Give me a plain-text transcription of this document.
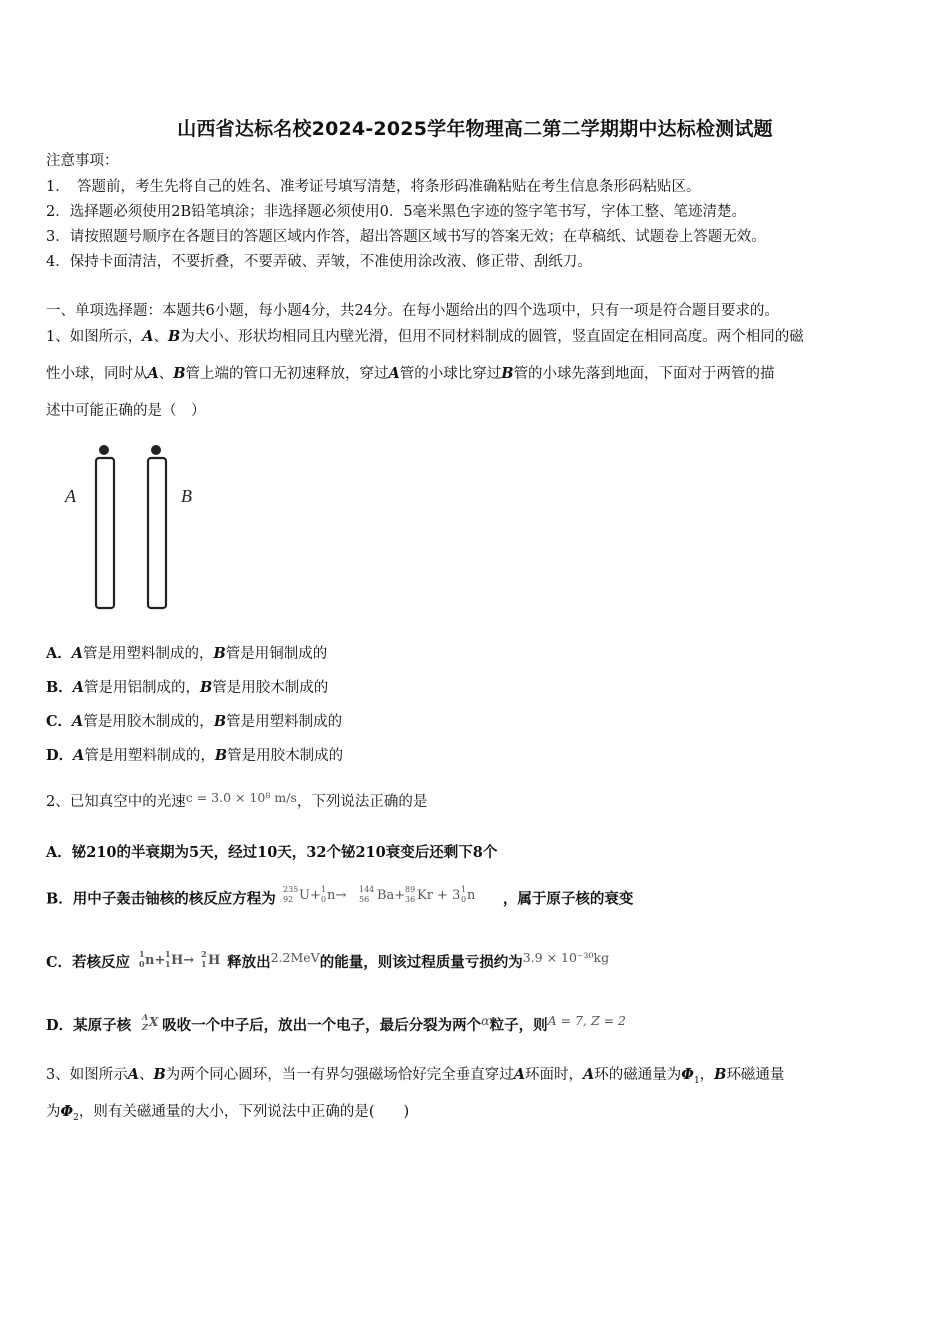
山西省达标名校2024-2025学年物理高二第二学期期中达标检测试题
注意事项：
1．　答题前，考生先将自己的姓名、准考证号填写清楚，将条形码准确粘贴在考生信息条形码粘贴区。
2．选择题必须使用2B铅笔填涂；非选择题必须使用0．5毫米黑色字迹的签字笔书写，字体工整、笔迹清楚。
3．请按照题号顺序在各题目的答题区域内作答，超出答题区域书写的答案无效；在草稿纸、试题卷上答题无效。
4．保持卡面清洁，不要折叠，不要弄破、弄皱，不准使用涂改液、修正带、刮纸刀。
一、单项选择题：本题共6小题，每小题4分，共24分。在每小题给出的四个选项中，只有一项是符合题目要求的。
1、如图所示，A、B为大小、形状均相同且内壁光滑，但用不同材料制成的圆管，竖直固定在相同高度。两个相同的磁
性小球，同时从A、B管上端的管口无初速释放，穿过A管的小球比穿过B管的小球先落到地面，下面对于两管的描
述中可能正确的是（　）
A	B
A．A管是用塑料制成的，B管是用铜制成的
B．A管是用铝制成的，B管是用胶木制成的
C．A管是用胶木制成的，B管是用塑料制成的
D．A管是用塑料制成的，B管是用胶木制成的
2、已知真空中的光速c = 3.0 × 10⁸ m/s，下列说法正确的是
A．铋210的半衰期为5天，经过10天，32个铋210衰变后还剩下8个
B．用中子轰击铀核的核反应方程为
235
92 U+ 1
0 n→ 144
56 Ba+ 89
36 Kr + 3 1
0 n ，属于原子核的衰变
C．若核反应 1
0 n+ 1
1 H→ 2
1 H 释放出2.2MeV的能量，则该过程质量亏损约为3.9 × 10⁻³⁰kg
D．某原子核 A
Z X 吸收一个中子后，放出一个电子，最后分裂为两个α粒子，则A = 7, Z = 2
3、如图所示A、B为两个同心圆环，当一有界匀强磁场恰好完全垂直穿过A环面时，A环的磁通量为$\Phi_1$，B环磁通量
为$\Phi_2$，则有关磁通量的大小，下列说法中正确的是(　　)
